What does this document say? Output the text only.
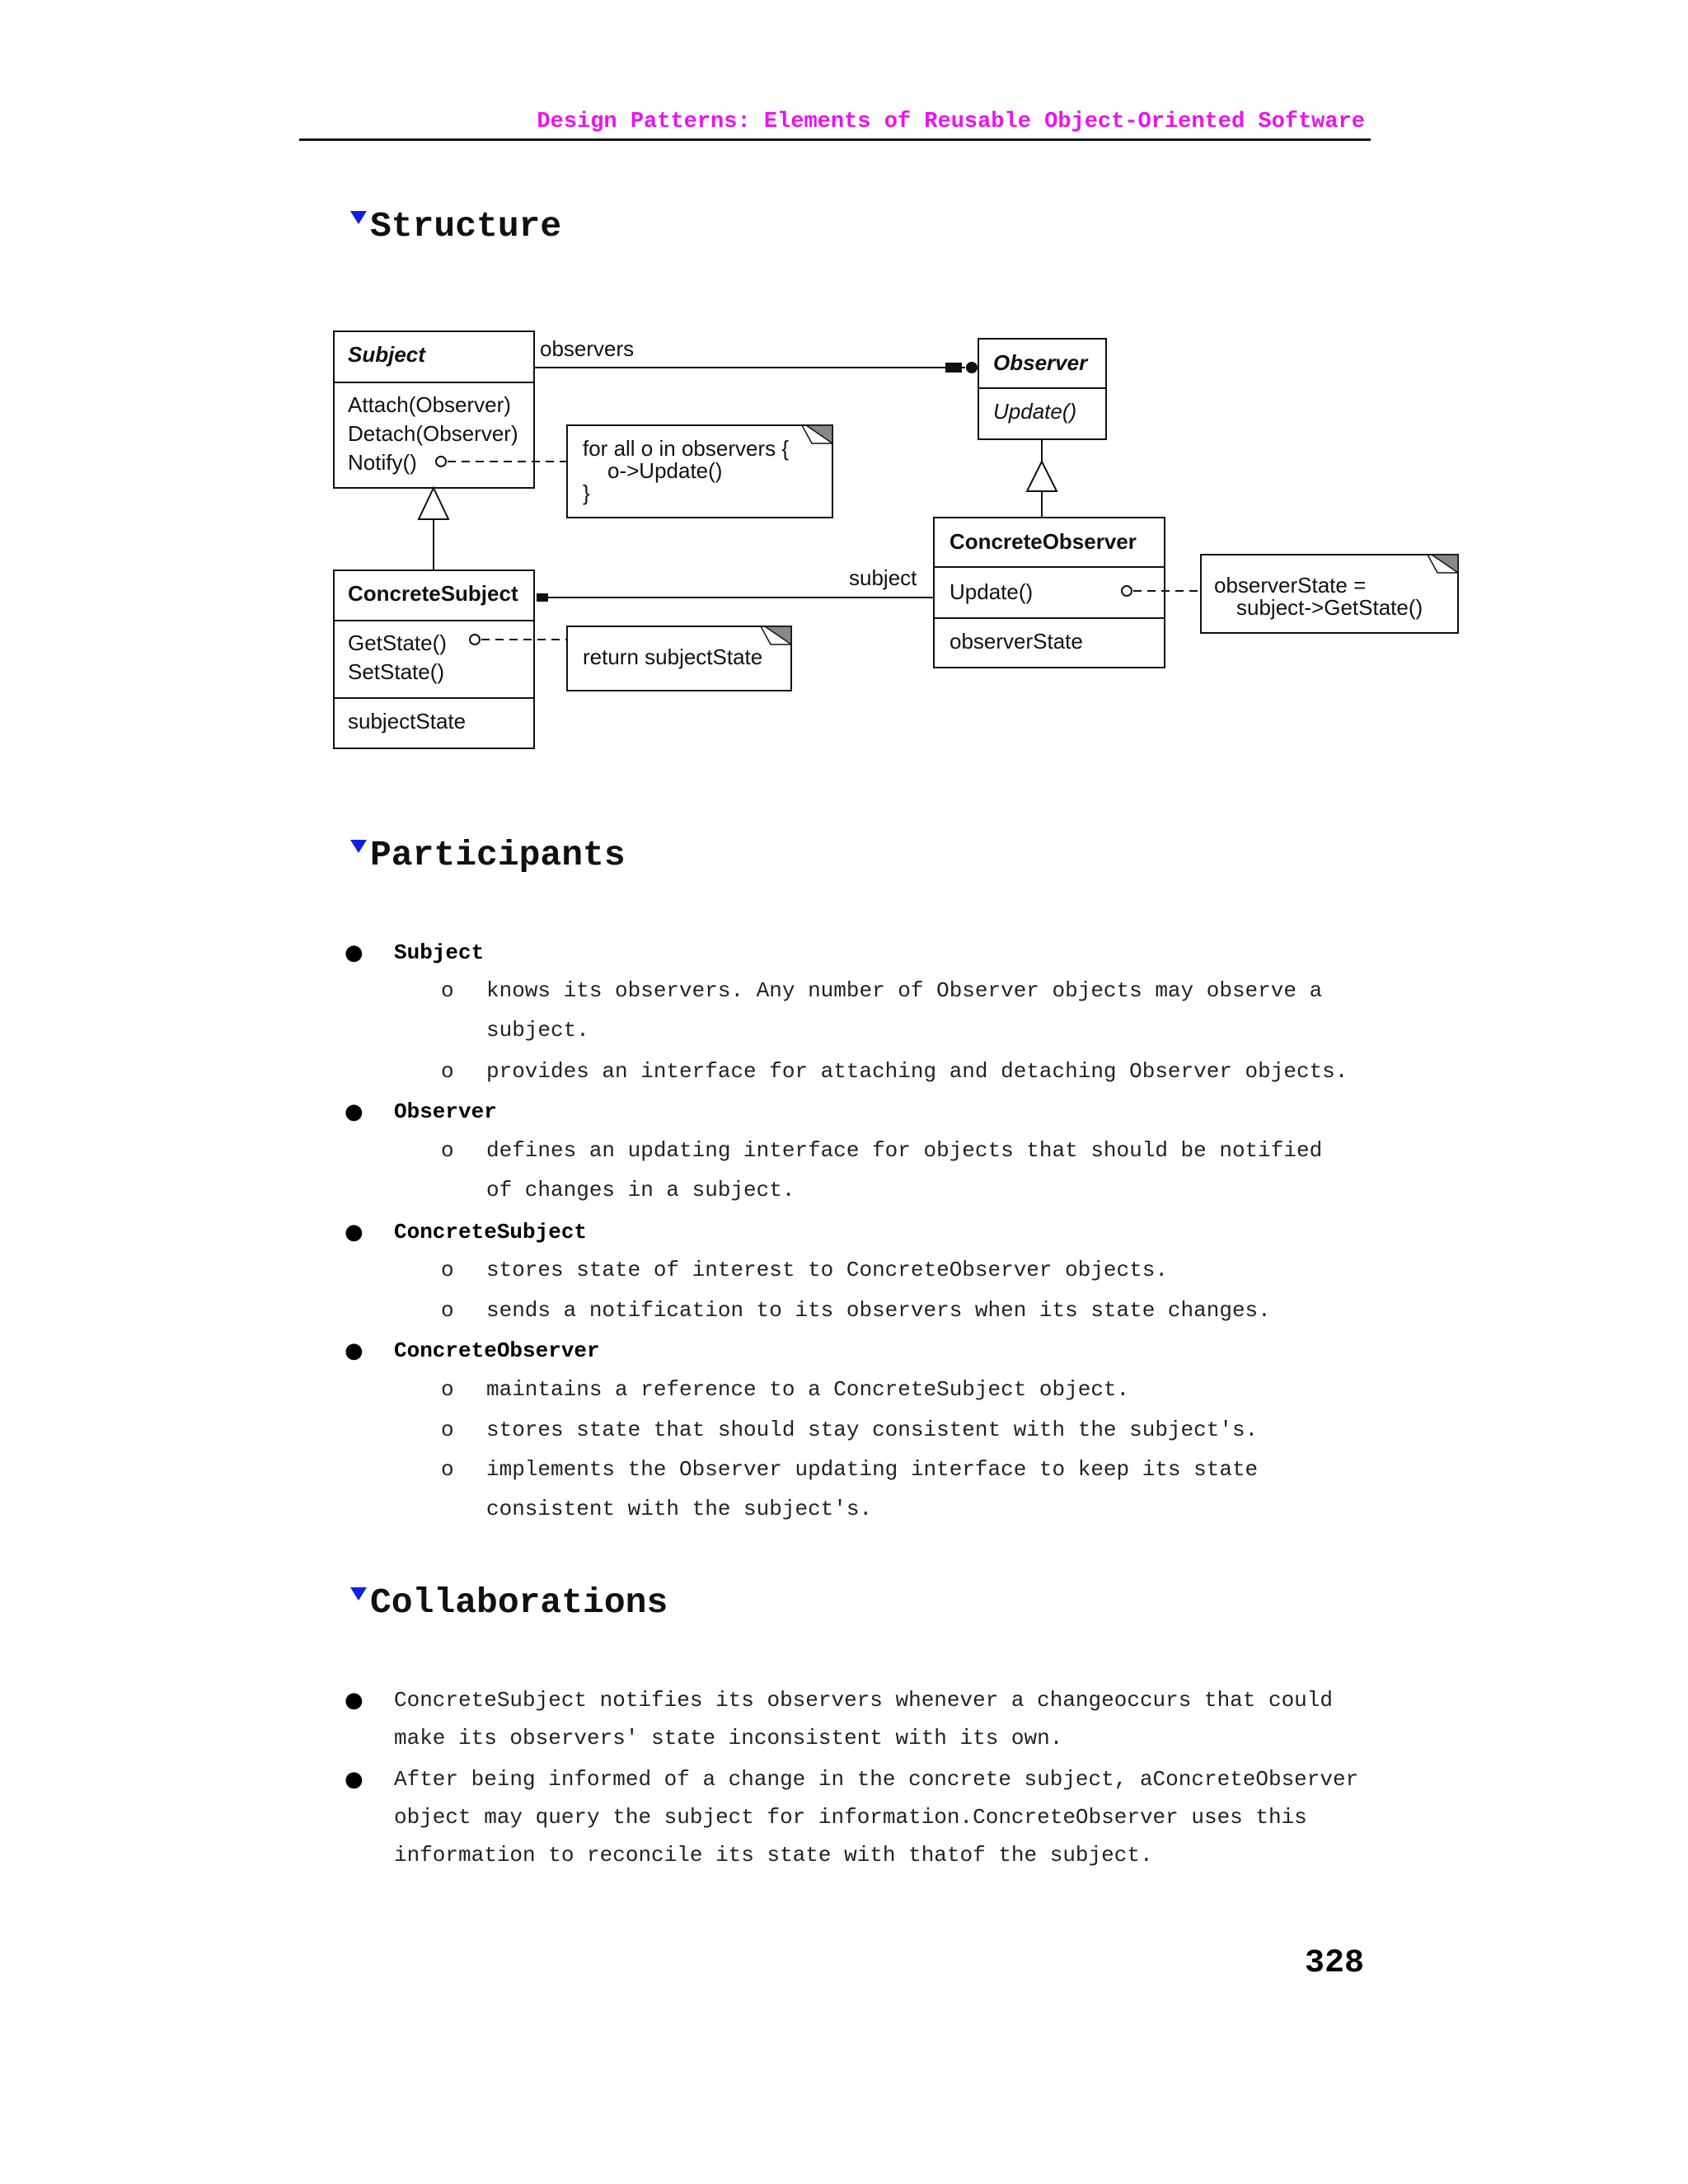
Design Patterns: Elements of Reusable Object-Oriented Software
Structure
Subject
Attach(Observer)
Detach(Observer)
Notify()
Observer
Update()
ConcreteSubject
GetState()
SetState()
subjectState
ConcreteObserver
Update()
observerState
observers
subject
for all o in observers {
o->Update()
}
return subjectState
observerState =
subject->GetState()
Participants
● Subject
o knows its observers. Any number of Observer objects may observe a
subject.
o provides an interface for attaching and detaching Observer objects.
● Observer
o defines an updating interface for objects that should be notified
of changes in a subject.
● ConcreteSubject
o stores state of interest to ConcreteObserver objects.
o sends a notification to its observers when its state changes.
● ConcreteObserver
o maintains a reference to a ConcreteSubject object.
o stores state that should stay consistent with the subject's.
o implements the Observer updating interface to keep its state
consistent with the subject's.
Collaborations
● ConcreteSubject notifies its observers whenever a changeoccurs that could
make its observers' state inconsistent with its own.
● After being informed of a change in the concrete subject, aConcreteObserver
object may query the subject for information.ConcreteObserver uses this
information to reconcile its state with thatof the subject.
328
